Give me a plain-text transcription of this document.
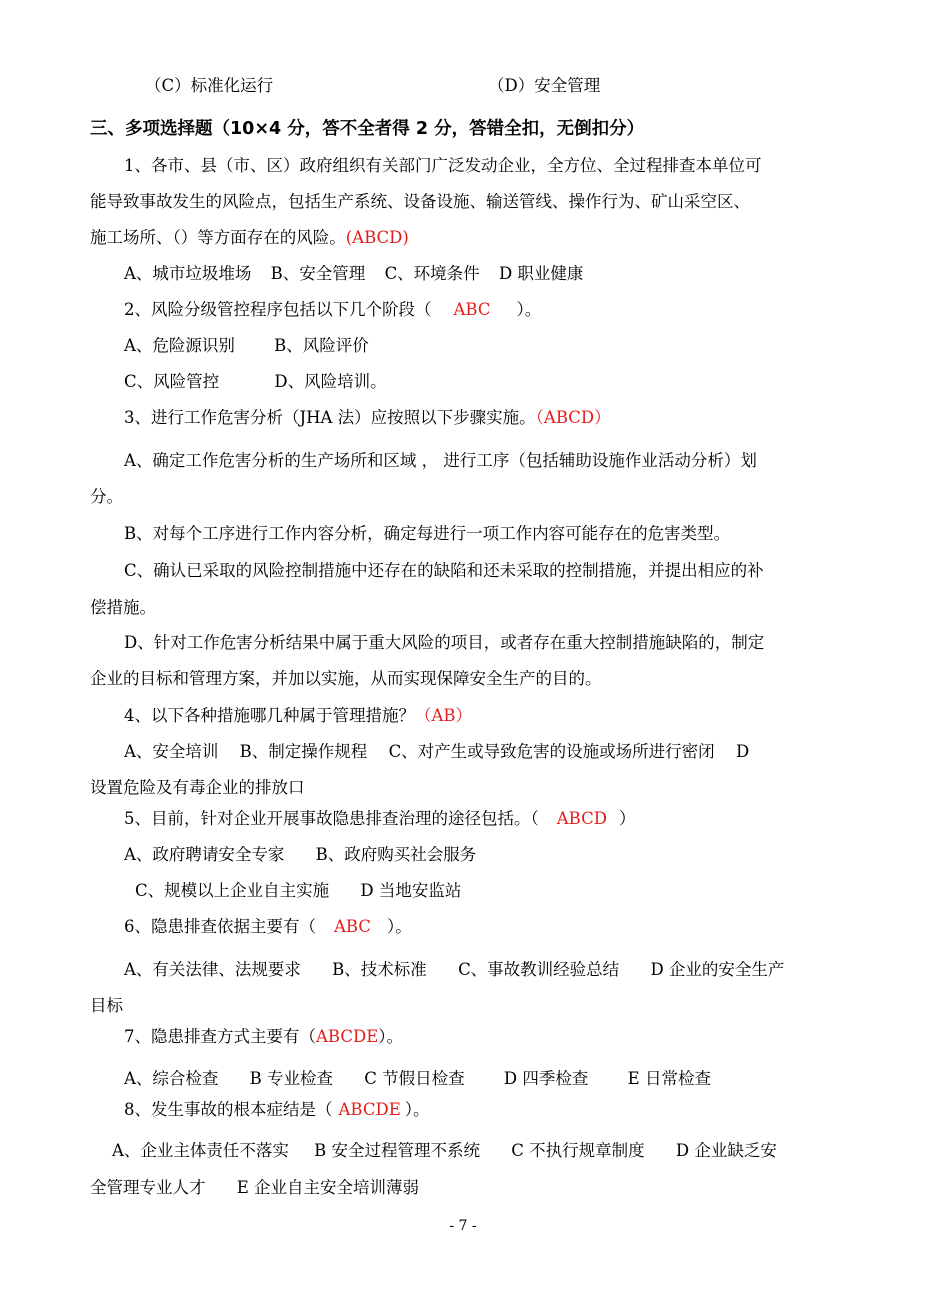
（C）标准化运行	（D）安全管理
三、多项选择题（10×4 分，答不全者得 2 分，答错全扣，无倒扣分）
1、各市、县（市、区）政府组织有关部门广泛发动企业，全方位、全过程排查本单位可
能导致事故发生的风险点，包括生产系统、设备设施、输送管线、操作行为、矿山采空区、
施工场所、（）等方面存在的风险。(ABCD)
A、城市垃圾堆场 B、安全管理 C、环境条件 D 职业健康
2、风险分级管控程序包括以下几个阶段（ ABC ）。
A、危险源识别 B、风险评价
C、风险管控	D、风险培训。
3、进行工作危害分析（JHA 法）应按照以下步骤实施。（ABCD）
A、确定工作危害分析的生产场所和区域 ， 进行工序（包括辅助设施作业活动分析）划
分。
B、对每个工序进行工作内容分析，确定每进行一项工作内容可能存在的危害类型。
C、确认已采取的风险控制措施中还存在的缺陷和还未采取的控制措施，并提出相应的补
偿措施。
D、针对工作危害分析结果中属于重大风险的项目，或者存在重大控制措施缺陷的，制定
企业的目标和管理方案，并加以实施，从而实现保障安全生产的目的。
4、以下各种措施哪几种属于管理措施？（AB）
A、安全培训 B、制定操作规程 C、对产生或导致危害的设施或场所进行密闭 D
设置危险及有毒企业的排放口
5、目前，针对企业开展事故隐患排查治理的途径包括。（ ABCD ）
A、政府聘请安全专家 B、政府购买社会服务
C、规模以上企业自主实施 D 当地安监站
6、隐患排查依据主要有（ ABC ）。
A、有关法律、法规要求 B、技术标准 C、事故教训经验总结 D 企业的安全生产
目标
7、隐患排查方式主要有（ABCDE）。
A、综合检查 B 专业检查 C 节假日检查 D 四季检查 E 日常检查
8、发生事故的根本症结是（ ABCDE ）。
A、企业主体责任不落实 B 安全过程管理不系统 C 不执行规章制度 D 企业缺乏安
全管理专业人才 E 企业自主安全培训薄弱
- 7 -
